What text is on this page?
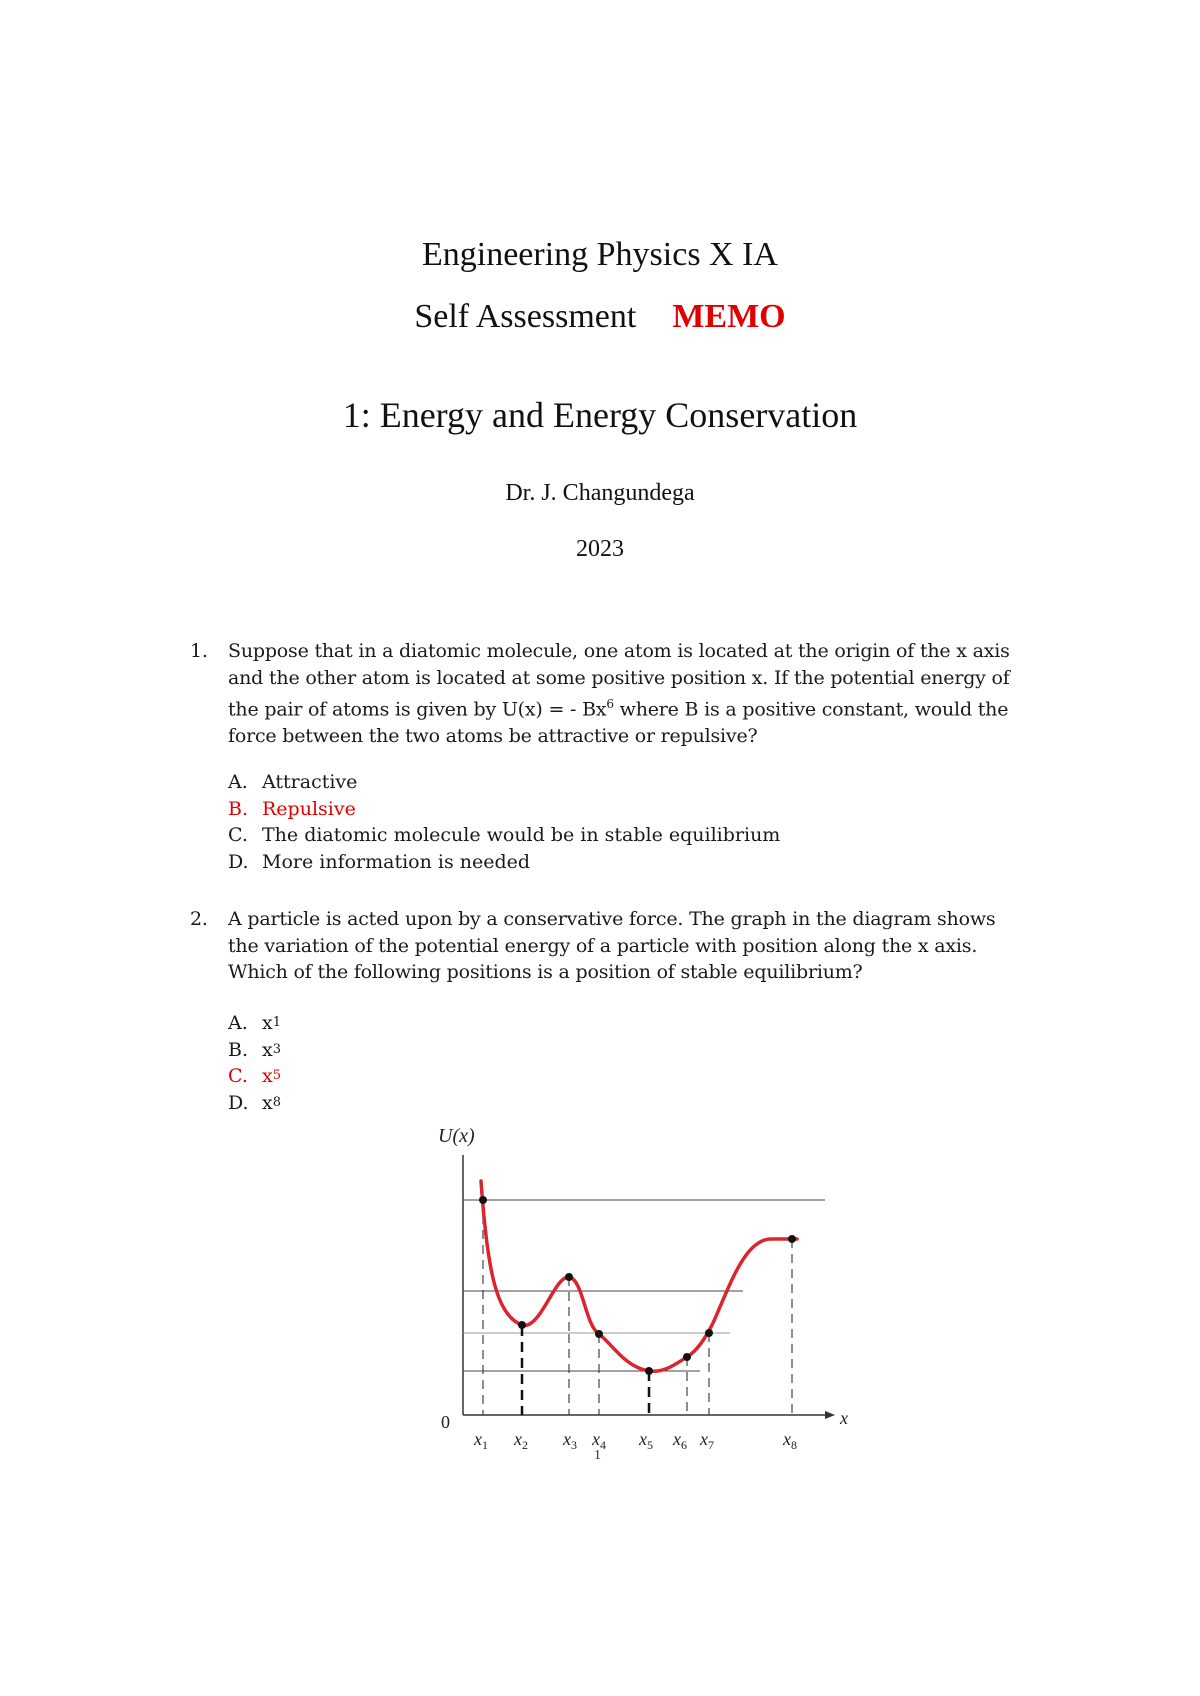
Engineering Physics X IA
Self Assessment MEMO
1: Energy and Energy Conservation
Dr. J. Changundega
2023
1. Suppose that in a diatomic molecule, one atom is located at the origin of the x axis
and the other atom is located at some positive position x. If the potential energy of
the pair of atoms is given by U(x) = - Bx$^6$ where B is a positive constant, would the
force between the two atoms be attractive or repulsive?
A. Attractive
B. Repulsive
C. The diatomic molecule would be in stable equilibrium
D. More information is needed
2. A particle is acted upon by a conservative force. The graph in the diagram shows
the variation of the potential energy of a particle with position along the x axis.
Which of the following positions is a position of stable equilibrium?
A. x 1
B. x 3
C. x 5
D. x 8
U(x)
x
0
$x_1$ $x_2$ $x_3$ $x_4$ $x_5$ $x_6$ $x_7$	$x_8$
1
